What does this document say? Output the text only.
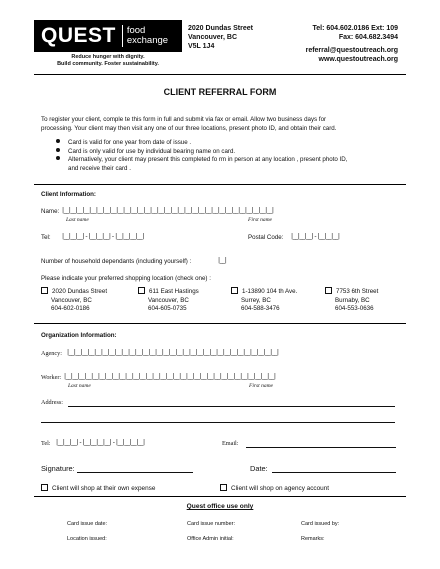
QUEST food
exchange
Reduce hunger with dignity.
Build community. Foster sustainability.
2020 Dundas Street
Vancouver, BC
V5L 1J4
Tel: 604.602.0186 Ext: 109
Fax: 604.682.3494
referral@questoutreach.org
www.questoutreach.org
CLIENT REFERRAL FORM
To register your client, comple te this form in full and submit via fax or email. Allow two business days for
processing. Your client may then visit any one of our three locations, present photo ID, and obtain their card.
Card is valid for one year from date of issue .
Card is only valid for use by individual bearing name on card.
Alternatively, your client may present this completed fo rm in person at any location , present photo ID,
and receive their card .
Client Information:
Name: |__|__|__|__|__|__|__|__|__|__|__|__|__|__|__|__|__|__|__|__|__|__|__|__|__|__|__|__|__|__|__|
Last name	First name
Tel: |__|__|__| - |__|__|__| - |__|__|__|__|	Postal Code: |__|__|__| - |__|__|__|
Number of household dependants (including yourself) :	|__|
Please indicate your preferred shopping location (check one) :
2020 Dundas Street
Vancouver, BC
604-602-0186
611 East Hastings
Vancouver, BC
604-605-0735
1-13890 104 th Ave.
Surrey, BC
604-588-3476
7753 6th Street
Burnaby, BC
604-553-0636
Organization Information:
Agency: |__|__|__|__|__|__|__|__|__|__|__|__|__|__|__|__|__|__|__|__|__|__|__|__|__|__|__|__|__|__|__|
Worker: |__|__|__|__|__|__|__|__|__|__|__|__|__|__|__|__|__|__|__|__|__|__|__|__|__|__|__|__|__|__|__|
Last name	First name
Address:
Tel: |__|__|__| - |__|__|__|__| - |__|__|__|__|	Email:
Signature:	Date:
Client will shop at their own expense	Client will shop on agency account
Quest office use only
Card issue date:	Card issue number:	Card issued by:
Location issued:	Office Admin initial:	Remarks:
